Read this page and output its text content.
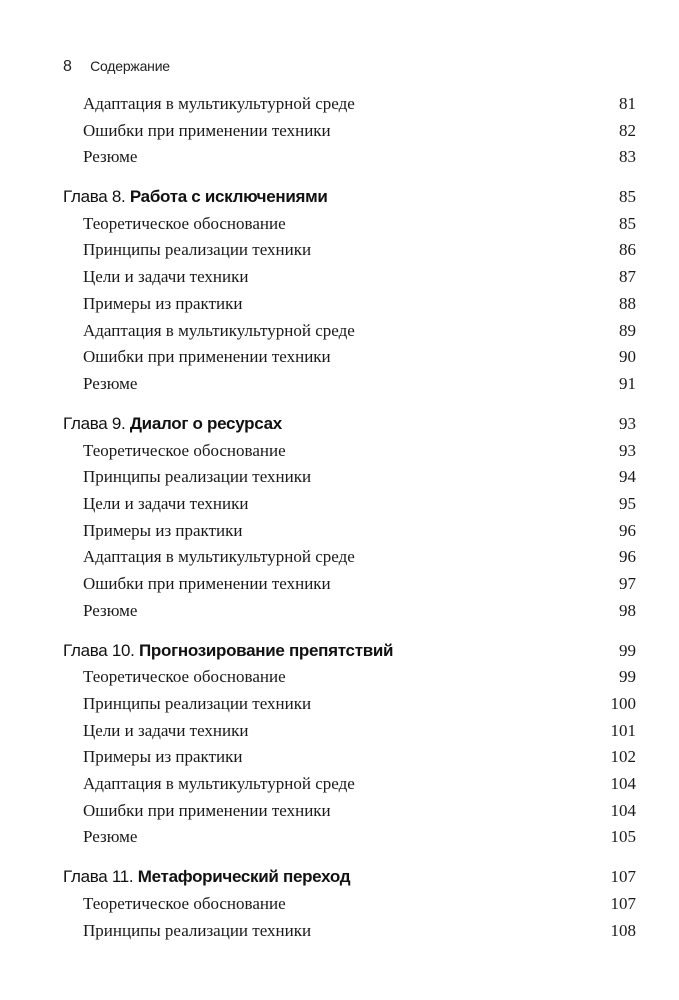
8 Содержание
Адаптация в мультикультурной среде	81
Ошибки при применении техники	82
Резюме	83
Глава 8. Работа с исключениями	85
Теоретическое обоснование	85
Принципы реализации техники	86
Цели и задачи техники	87
Примеры из практики	88
Адаптация в мультикультурной среде	89
Ошибки при применении техники	90
Резюме	91
Глава 9. Диалог о ресурсах	93
Теоретическое обоснование	93
Принципы реализации техники	94
Цели и задачи техники	95
Примеры из практики	96
Адаптация в мультикультурной среде	96
Ошибки при применении техники	97
Резюме	98
Глава 10. Прогнозирование препятствий	99
Теоретическое обоснование	99
Принципы реализации техники	100
Цели и задачи техники	101
Примеры из практики	102
Адаптация в мультикультурной среде	104
Ошибки при применении техники	104
Резюме	105
Глава 11. Метафорический переход	107
Теоретическое обоснование	107
Принципы реализации техники	108
